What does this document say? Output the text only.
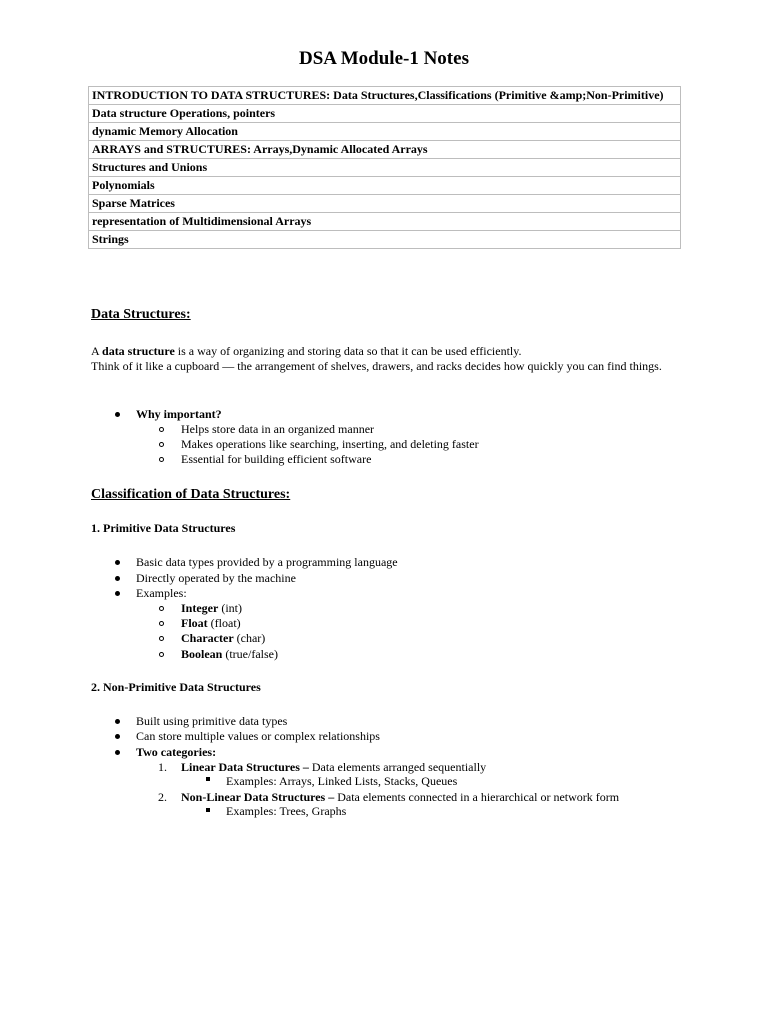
DSA Module-1 Notes
INTRODUCTION TO DATA STRUCTURES: Data Structures,Classifications (Primitive &amp;Non-Primitive)
Data structure Operations, pointers
dynamic Memory Allocation
ARRAYS and STRUCTURES: Arrays,Dynamic Allocated Arrays
Structures and Unions
Polynomials
Sparse Matrices
representation of Multidimensional Arrays
Strings
Data Structures:

A data structure is a way of organizing and storing data so that it can be used efficiently.

Think of it like a cupboard — the arrangement of shelves, drawers, and racks decides how quickly you can find things.

Why important?
Helps store data in an organized manner
Makes operations like searching, inserting, and deleting faster
Essential for building efficient software
Classification of Data Structures:
1. Primitive Data Structures
Basic data types provided by a programming language
Directly operated by the machine
Examples:
Integer (int)
Float (float)
Character (char)
Boolean (true/false)
2. Non-Primitive Data Structures
Built using primitive data types
Can store multiple values or complex relationships
Two categories:
1. Linear Data Structures – Data elements arranged sequentially
Examples: Arrays, Linked Lists, Stacks, Queues
2. Non-Linear Data Structures – Data elements connected in a hierarchical or network form
Examples: Trees, Graphs
